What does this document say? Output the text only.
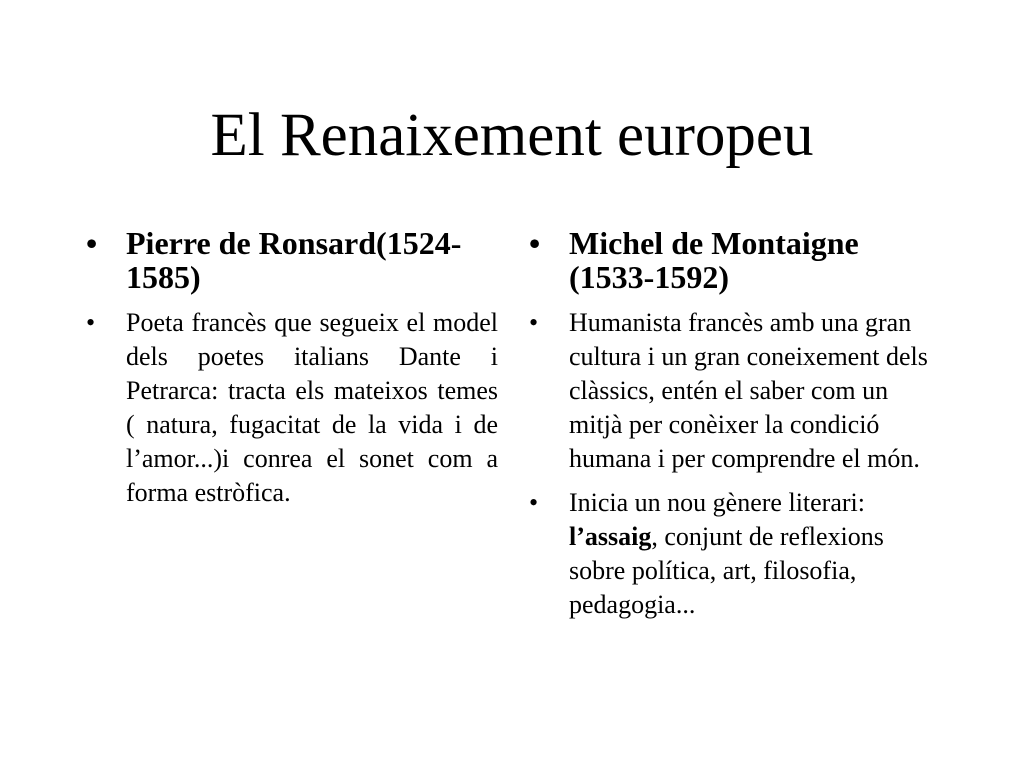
El Renaixement europeu
• Pierre de Ronsard(1524-1585)
• Poeta francès que segueix el model dels poetes italians Dante i Petrarca: tracta els mateixos temes ( natura, fugacitat de la vida i de l’amor...)i conrea el sonet com a forma estròfica.
• Michel de Montaigne (1533-1592)
• Humanista francès amb una gran cultura i un gran coneixement dels clàssics, entén el saber com un mitjà per conèixer la condició humana i per comprendre el món.
• Inicia un nou gènere literari: l’assaig, conjunt de reflexions sobre política, art, filosofia, pedagogia...
